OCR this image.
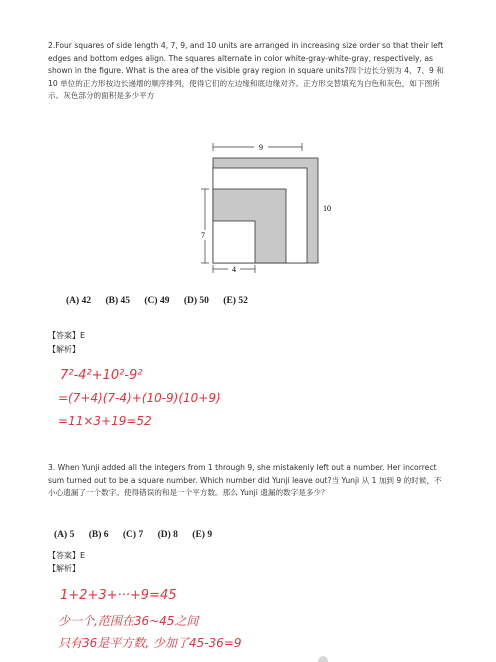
2.Four squares of side length 4, 7, 9, and 10 units are arranged in increasing size order so that their left edges and bottom edges align. The squares alternate in color white-gray-white-gray, respectively, as shown in the figure. What is the area of the visible gray region in square units?四个边长分别为 4、7、9 和 10 单位的正方形按边长递增的顺序排列，使得它们的左边缘和底边缘对齐。正方形交替填充为白色和灰色，如下图所示。灰色部分的面积是多少平方
9
10
7
4
(A) 42 (B) 45 (C) 49 (D) 50 (E) 52
【答案】E
【解析】
7²-4²+10²-9²
=(7+4)(7-4)+(10-9)(10+9)
=11×3+19=52
3. When Yunji added all the integers from 1 through 9, she mistakenly left out a number. Her incorrect sum turned out to be a square number. Which number did Yunji leave out?当 Yunji 从 1 加到 9 的时候，不小心遗漏了一个数字。使得错误的和是一个平方数。那么 Yunji 遗漏的数字是多少？
(A) 5 (B) 6 (C) 7 (D) 8 (E) 9
【答案】E
【解析】
1+2+3+···+9=45
少一个,范围在36~45之间
只有36是平方数, 少加了45-36=9
